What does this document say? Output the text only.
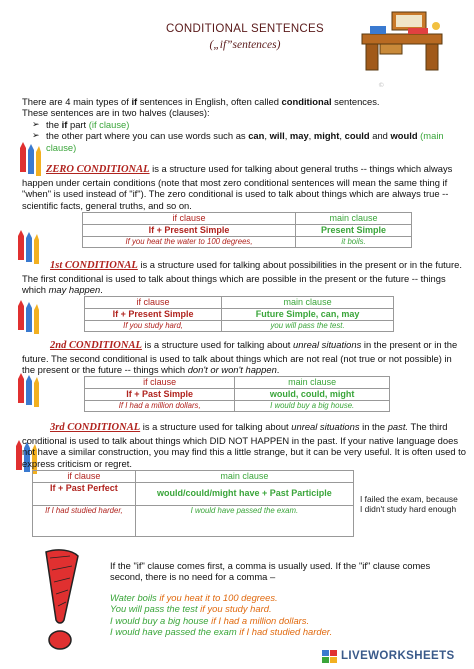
CONDITIONAL SENTENCES
(„if”sentences)
©
There are 4 main types of if sentences in English, often called conditional sentences.
These sentences are in two halves (clauses):
➢ the if part (if clause)
➢ the other part where you can use words such as can, will, may, might, could and would (main clause)
ZERO CONDITIONAL is a structure used for talking about general truths -- things which always happen under certain conditions (note that most zero conditional sentences will mean the same thing if "when" is used instead of "if"). The zero conditional is used to talk about things which are always true -- scientific facts, general truths, and so on.
if clause	main clause
If + Present Simple	Present Simple
If you heat the water to 100 degrees,	it boils.
1st CONDITIONAL is a structure used for talking about possibilities in the present or in the future. The first conditional is used to talk about things which are possible in the present or the future -- things which may happen.
if clause	main clause
If + Present Simple	Future Simple, can, may
If you study hard,	you will pass the test.
2nd CONDITIONAL is a structure used for talking about unreal situations in the present or in the future. The second conditional is used to talk about things which are not real (not true or not possible) in the present or the future -- things which don't or won't happen.
if clause	main clause
If + Past Simple	would, could, might
If I had a million dollars,	I would buy a big house.
3rd CONDITIONAL is a structure used for talking about unreal situations in the past. The third conditional is used to talk about things which DID NOT HAPPEN in the past. If your native language does not have a similar construction, you may find this a little strange, but it can be very useful. It is often used to express criticism or regret.
if clause	main clause
If + Past Perfect	would/could/might have + Past Participle
If I had studied harder,	I would have passed the exam.
I failed the exam, because I didn't study hard enough
If the "if" clause comes first, a comma is usually used. If the "if" clause comes second, there is no need for a comma –
Water boils if you heat it to 100 degrees.
You will pass the test if you study hard.
I would buy a big house if I had a million dollars.
I would have passed the exam if I had studied harder.
LIVEWORKSHEETS
